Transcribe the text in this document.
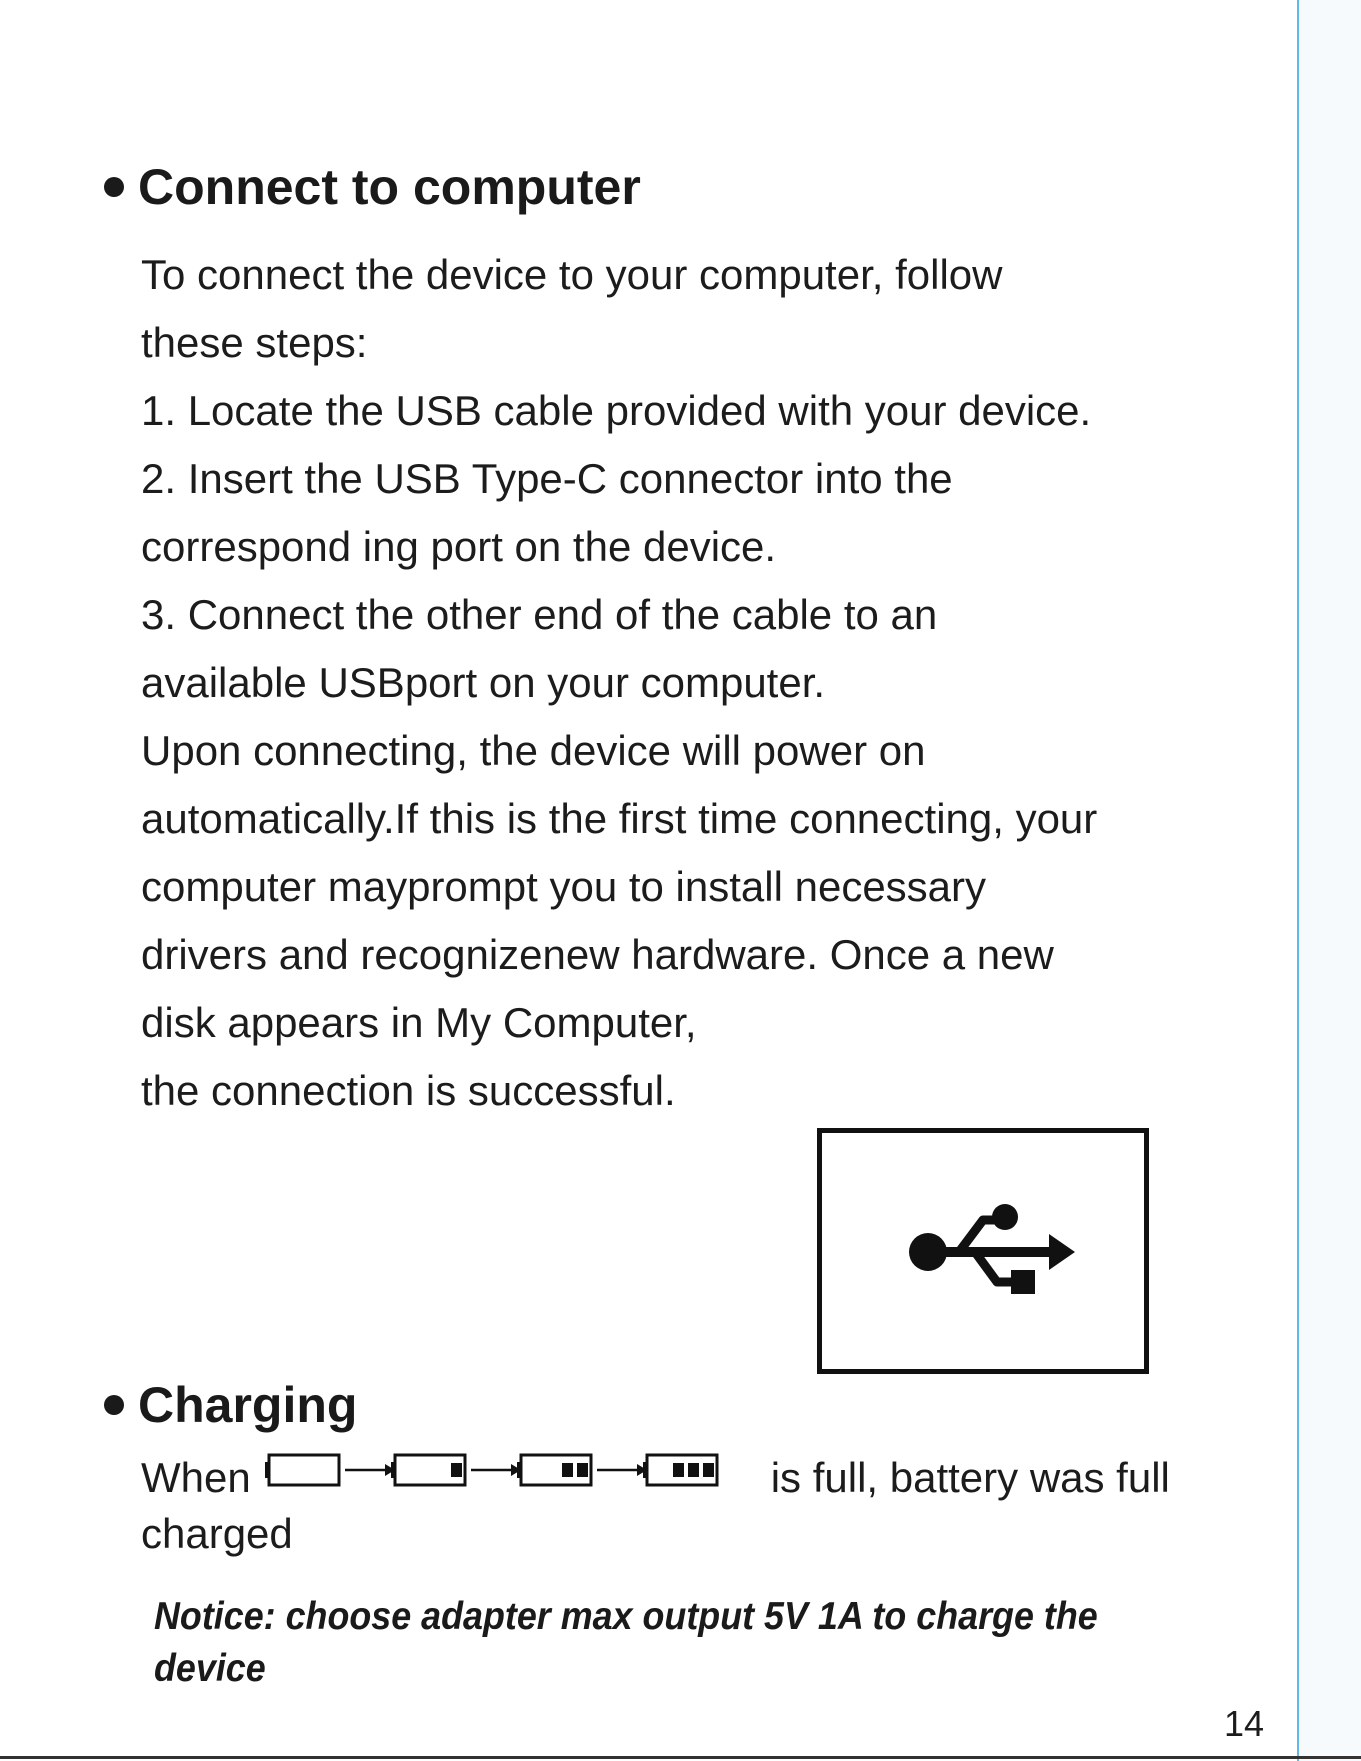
Connect to computer
To connect the device to your computer, follow
these steps:
1. Locate the USB cable provided with your device.
2. Insert the USB Type-C connector into the
correspond ing port on the device.
3. Connect the other end of the cable to an
available USBport on your computer.
Upon connecting, the device will power on
automatically.If this is the first time connecting, your
computer mayprompt you to install necessary
drivers and recognizenew hardware. Once a new
disk appears in My Computer,
the connection is successful.
Charging
When	is full, battery was full
charged
Notice: choose adapter max output 5V 1A to charge the
device
14
